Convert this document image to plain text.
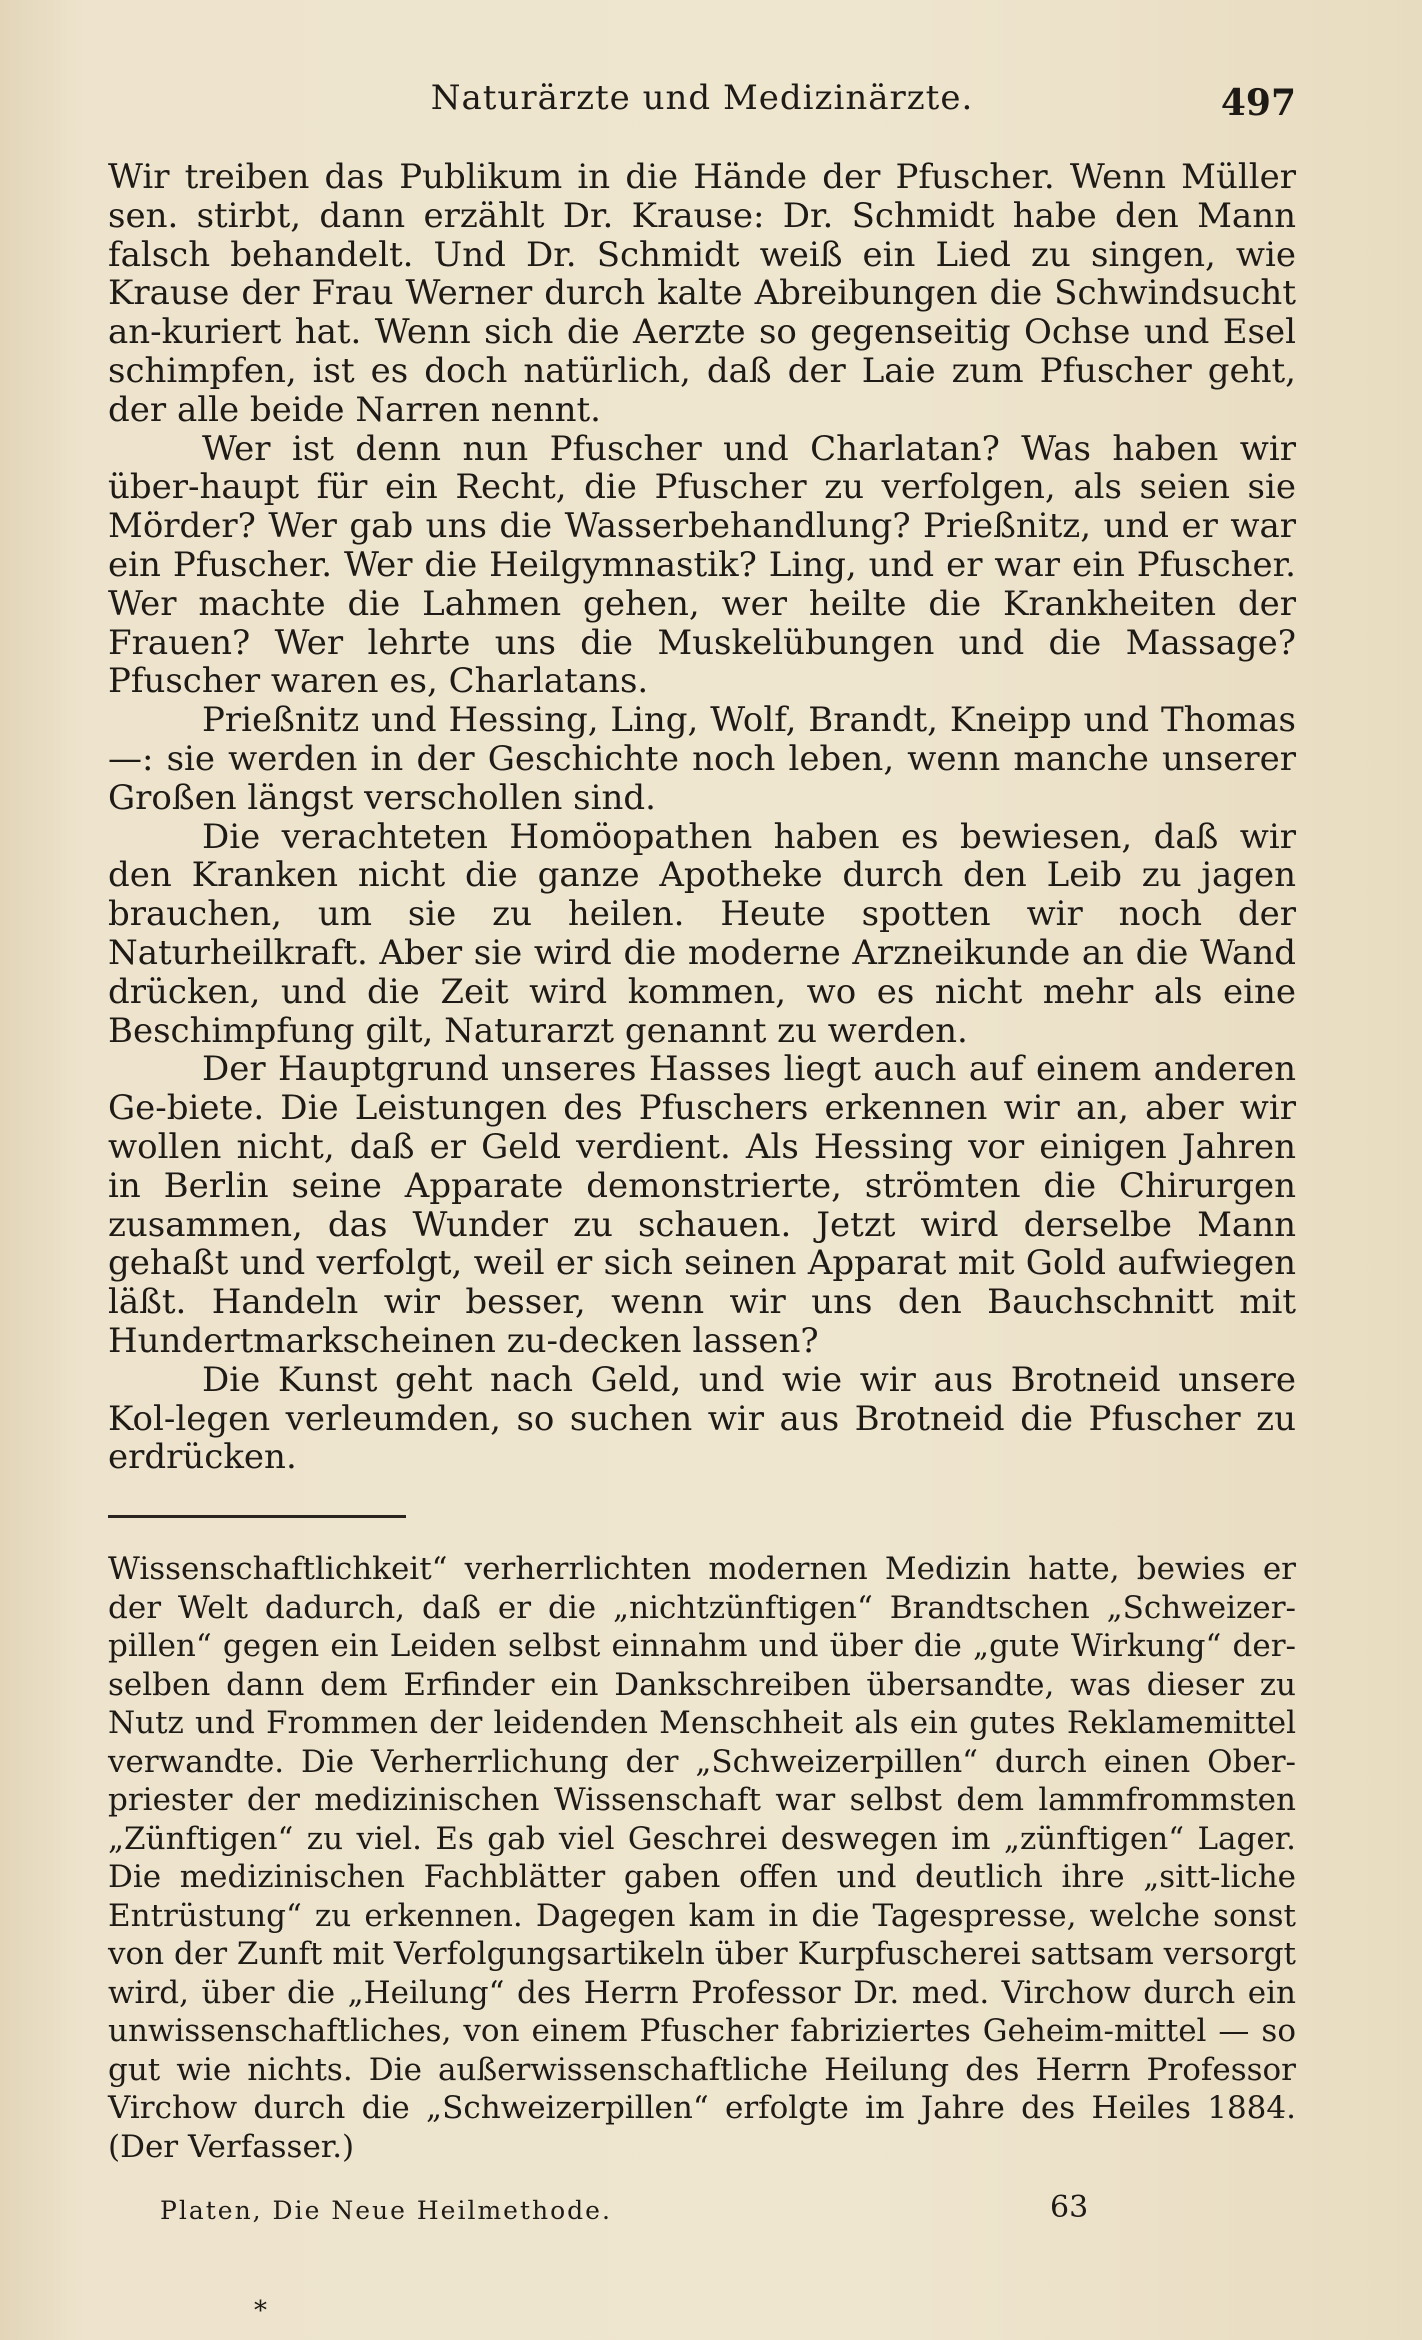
Naturärzte und Medizinärzte.	497

Wir treiben das Publikum in die Hände der Pfuscher. Wenn Müller sen. stirbt, dann erzählt Dr. Krause: Dr. Schmidt habe den Mann falsch behandelt. Und Dr. Schmidt weiß ein Lied zu singen, wie Krause der Frau Werner durch kalte Abreibungen die Schwindsucht an-kuriert hat. Wenn sich die Aerzte so gegenseitig Ochse und Esel schimpfen, ist es doch natürlich, daß der Laie zum Pfuscher geht, der alle beide Narren nennt.

Wer ist denn nun Pfuscher und Charlatan? Was haben wir über-haupt für ein Recht, die Pfuscher zu verfolgen, als seien sie Mörder? Wer gab uns die Wasserbehandlung? Prießnitz, und er war ein Pfuscher. Wer die Heilgymnastik? Ling, und er war ein Pfuscher. Wer machte die Lahmen gehen, wer heilte die Krankheiten der Frauen? Wer lehrte uns die Muskelübungen und die Massage? Pfuscher waren es, Charlatans.

Prießnitz und Hessing, Ling, Wolf, Brandt, Kneipp und Thomas —: sie werden in der Geschichte noch leben, wenn manche unserer Großen längst verschollen sind.

Die verachteten Homöopathen haben es bewiesen, daß wir den Kranken nicht die ganze Apotheke durch den Leib zu jagen brauchen, um sie zu heilen. Heute spotten wir noch der Naturheilkraft. Aber sie wird die moderne Arzneikunde an die Wand drücken, und die Zeit wird kommen, wo es nicht mehr als eine Beschimpfung gilt, Naturarzt genannt zu werden.

Der Hauptgrund unseres Hasses liegt auch auf einem anderen Ge-biete. Die Leistungen des Pfuschers erkennen wir an, aber wir wollen nicht, daß er Geld verdient. Als Hessing vor einigen Jahren in Berlin seine Apparate demonstrierte, strömten die Chirurgen zusammen, das Wunder zu schauen. Jetzt wird derselbe Mann gehaßt und verfolgt, weil er sich seinen Apparat mit Gold aufwiegen läßt. Handeln wir besser, wenn wir uns den Bauchschnitt mit Hundertmarkscheinen zu-decken lassen?

Die Kunst geht nach Geld, und wie wir aus Brotneid unsere Kol-legen verleumden, so suchen wir aus Brotneid die Pfuscher zu erdrücken.

Wissenschaftlichkeit“ verherrlichten modernen Medizin hatte, bewies er der Welt dadurch, daß er die „nichtzünftigen“ Brandtschen „Schweizer-pillen“ gegen ein Leiden selbst einnahm und über die „gute Wirkung“ der-selben dann dem Erfinder ein Dankschreiben übersandte, was dieser zu Nutz und Frommen der leidenden Menschheit als ein gutes Reklamemittel verwandte. Die Verherrlichung der „Schweizerpillen“ durch einen Ober-priester der medizinischen Wissenschaft war selbst dem lammfrommsten „Zünftigen“ zu viel. Es gab viel Geschrei deswegen im „zünftigen“ Lager. Die medizinischen Fachblätter gaben offen und deutlich ihre „sitt-liche Entrüstung“ zu erkennen. Dagegen kam in die Tagespresse, welche sonst von der Zunft mit Verfolgungsartikeln über Kurpfuscherei sattsam versorgt wird, über die „Heilung“ des Herrn Professor Dr. med. Virchow durch ein unwissenschaftliches, von einem Pfuscher fabriziertes Geheim-mittel — so gut wie nichts. Die außerwissenschaftliche Heilung des Herrn Professor Virchow durch die „Schweizerpillen“ erfolgte im Jahre des Heiles 1884. (Der Verfasser.)
Platen, Die Neue Heilmethode.	63
*
